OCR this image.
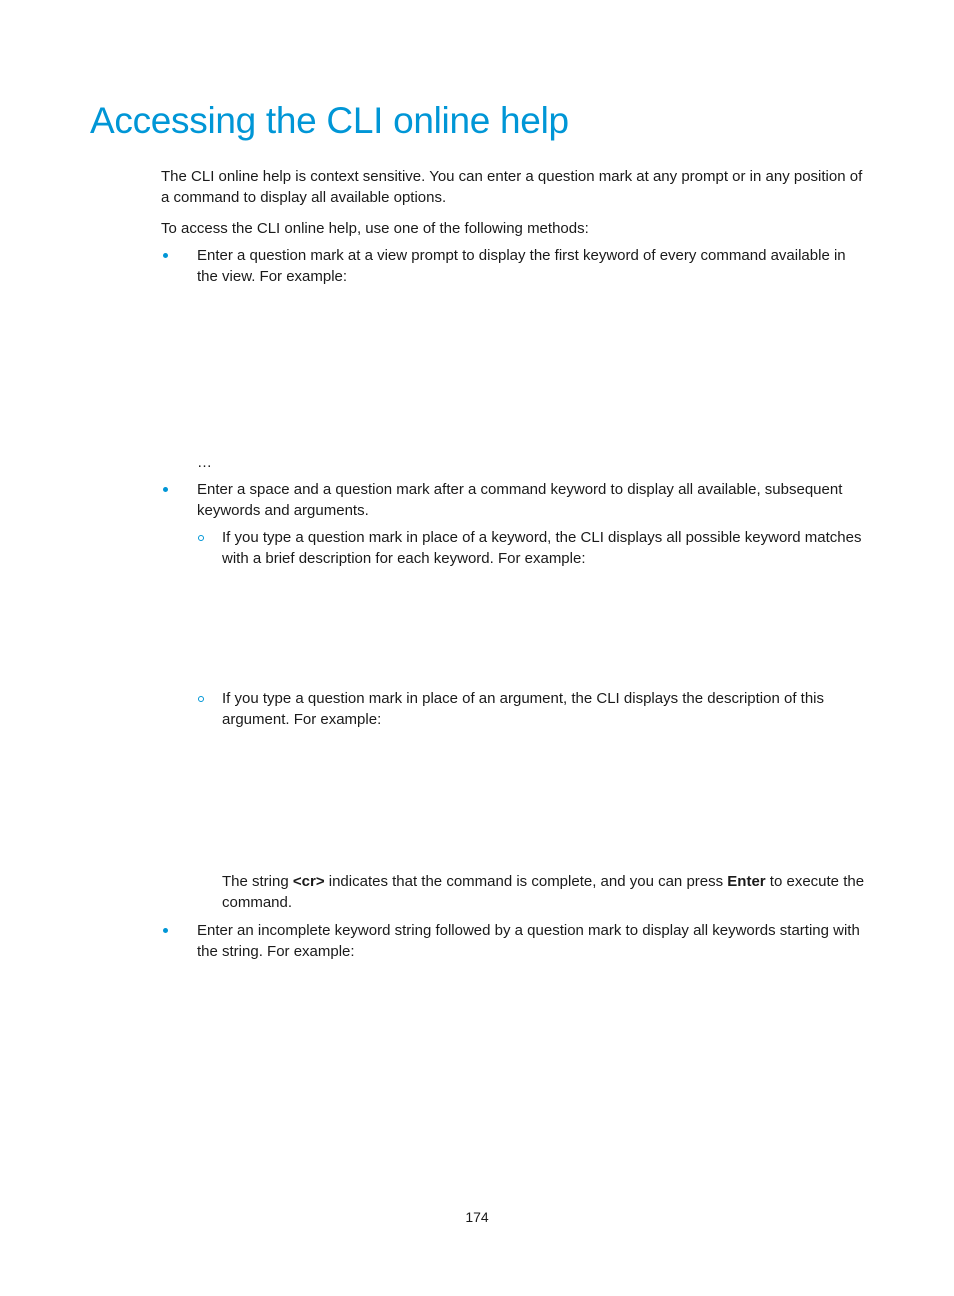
Accessing the CLI online help

The CLI online help is context sensitive. You can enter a question mark at any prompt or in any position of a command to display all available options.

To access the CLI online help, use one of the following methods:

Enter a question mark at a view prompt to display the first keyword of every command available in the view. For example:

…

Enter a space and a question mark after a command keyword to display all available, subsequent keywords and arguments.

If you type a question mark in place of a keyword, the CLI displays all possible keyword matches with a brief description for each keyword. For example:

If you type a question mark in place of an argument, the CLI displays the description of this argument. For example:

The string <cr> indicates that the command is complete, and you can press Enter to execute the command.

Enter an incomplete keyword string followed by a question mark to display all keywords starting with the string. For example:

174
